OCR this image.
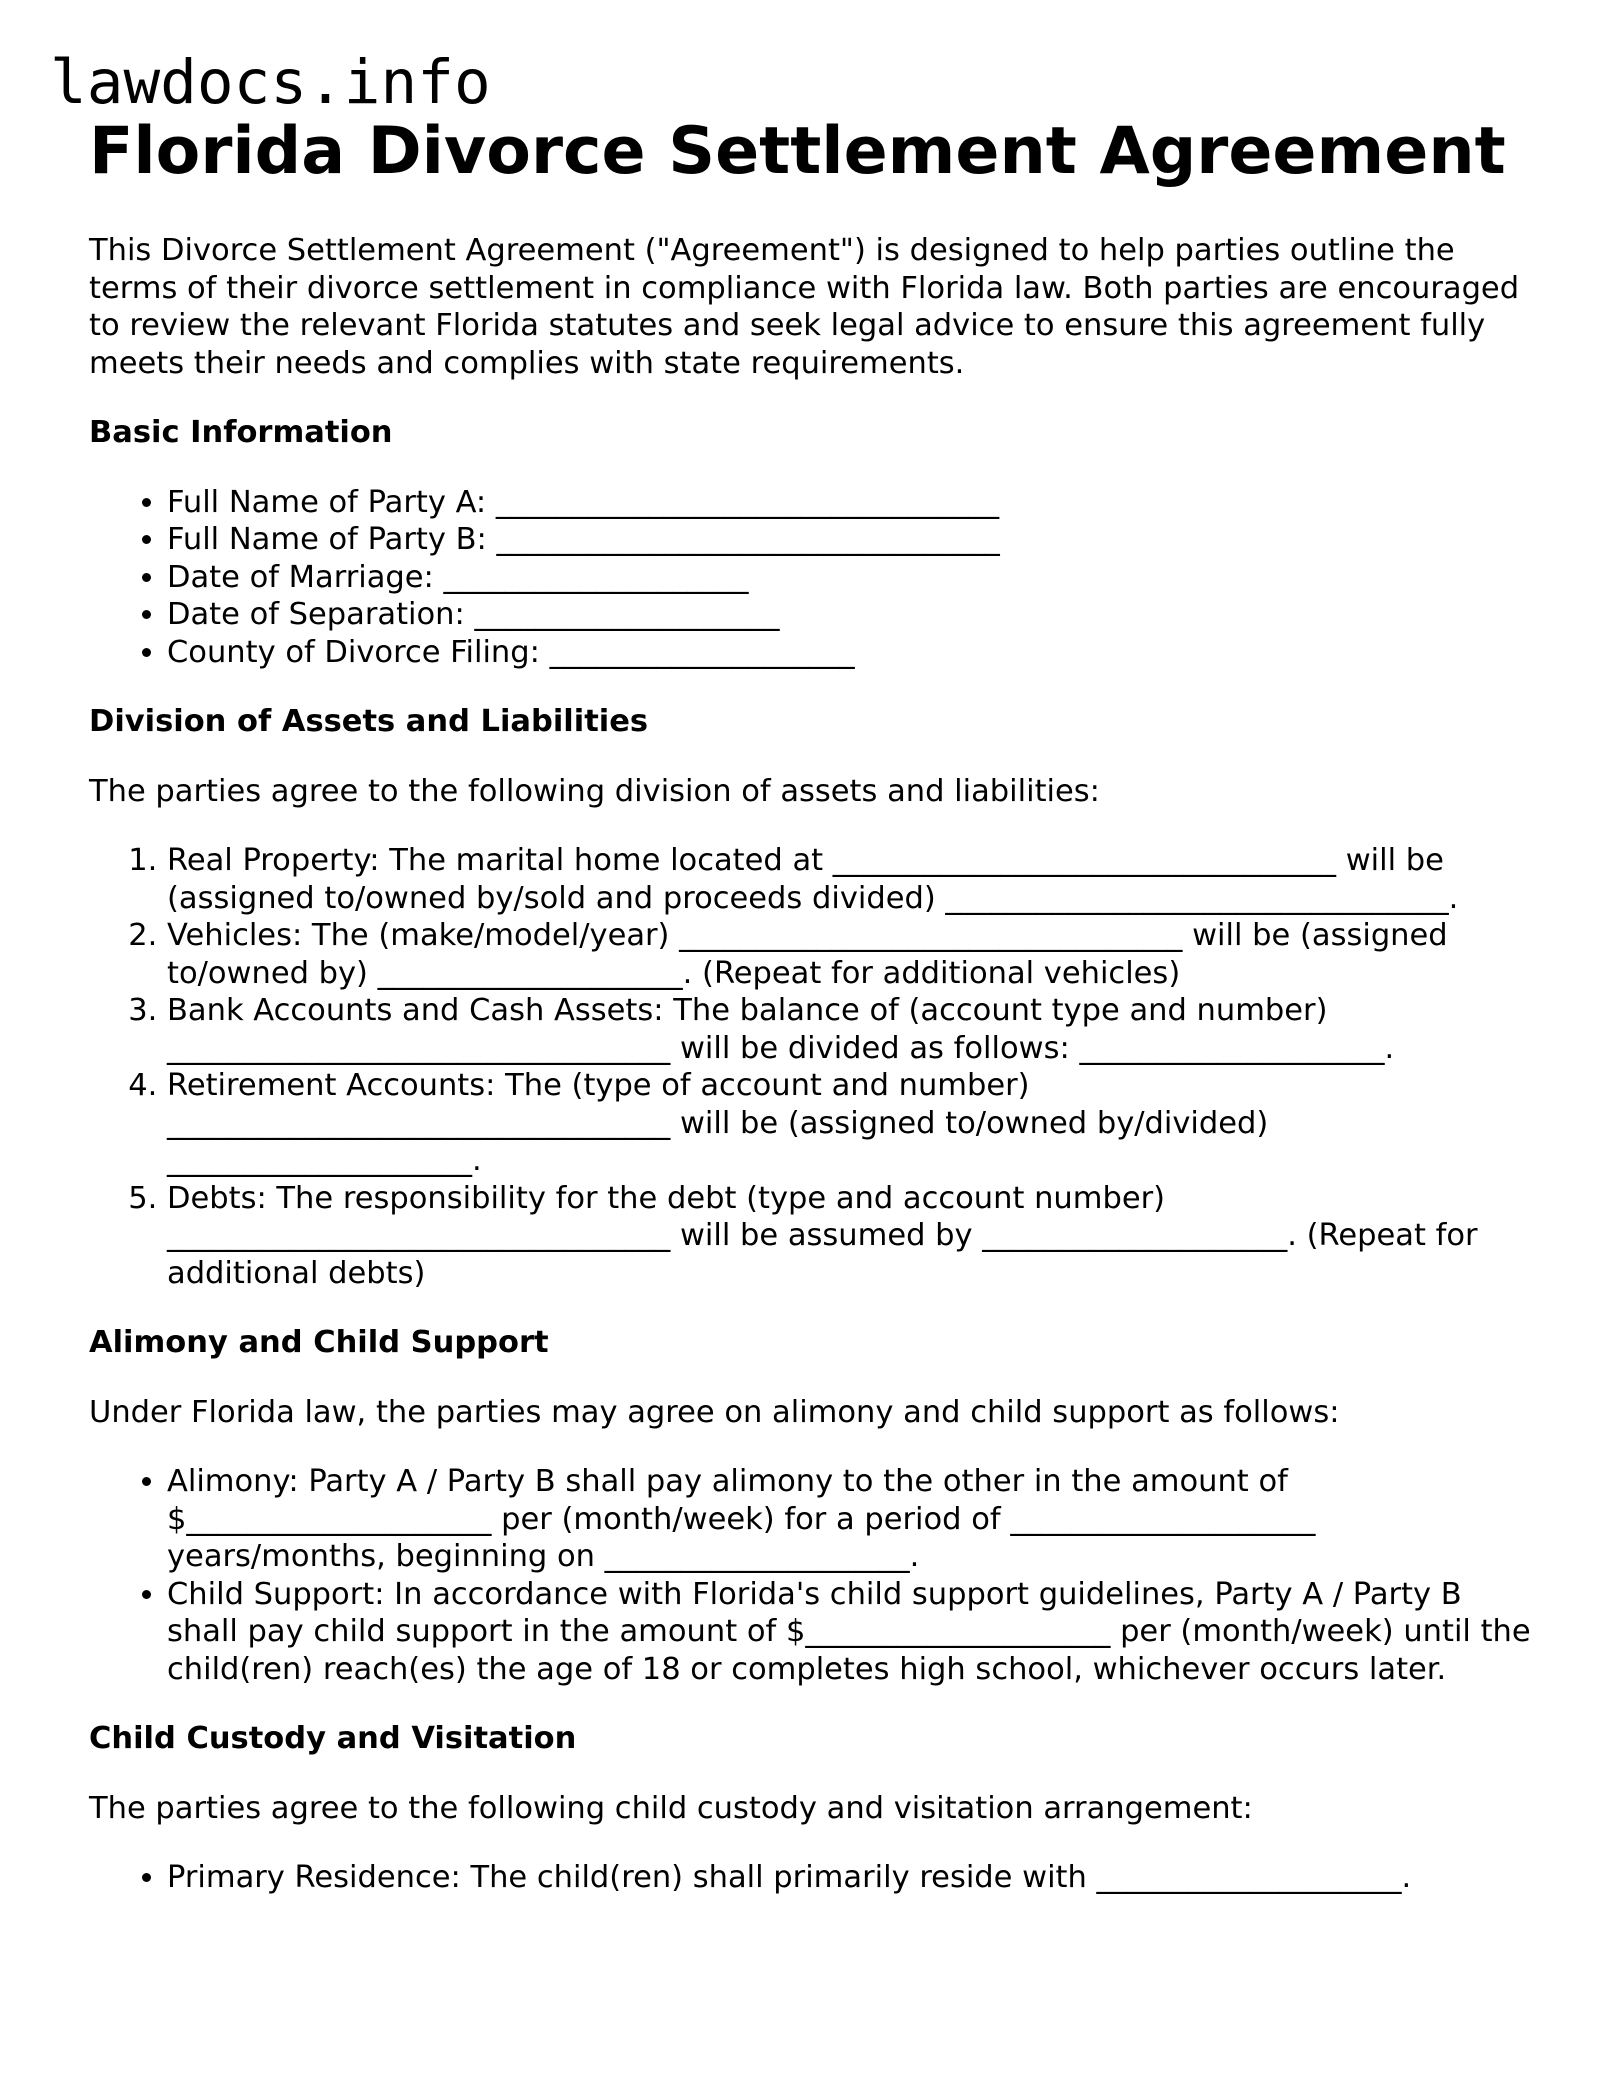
lawdocs.info
Florida Divorce Settlement Agreement

This Divorce Settlement Agreement ("Agreement") is designed to help parties outline the terms of their divorce settlement in compliance with Florida law. Both parties are encouraged to review the relevant Florida statutes and seek legal advice to ensure this agreement fully meets their needs and complies with state requirements.

Basic Information
• Full Name of Party A: _________________________________
• Full Name of Party B: _________________________________
• Date of Marriage: ____________________
• Date of Separation: ____________________
• County of Divorce Filing: ____________________
Division of Assets and Liabilities

The parties agree to the following division of assets and liabilities:

1. Real Property: The marital home located at _________________________________ will be (assigned to/owned by/sold and proceeds divided) _________________________________.
2. Vehicles: The (make/model/year) _________________________________ will be (assigned to/owned by) ____________________. (Repeat for additional vehicles)
3. Bank Accounts and Cash Assets: The balance of (account type and number) _________________________________ will be divided as follows: ____________________.
4. Retirement Accounts: The (type of account and number) _________________________________ will be (assigned to/owned by/divided) ____________________.
5. Debts: The responsibility for the debt (type and account number) _________________________________ will be assumed by ____________________. (Repeat for additional debts)
Alimony and Child Support

Under Florida law, the parties may agree on alimony and child support as follows:

• Alimony: Party A / Party B shall pay alimony to the other in the amount of $____________________ per (month/week) for a period of ____________________ years/months, beginning on ____________________.
• Child Support: In accordance with Florida's child support guidelines, Party A / Party B shall pay child support in the amount of $____________________ per (month/week) until the child(ren) reach(es) the age of 18 or completes high school, whichever occurs later.
Child Custody and Visitation

The parties agree to the following child custody and visitation arrangement:

• Primary Residence: The child(ren) shall primarily reside with ____________________.
